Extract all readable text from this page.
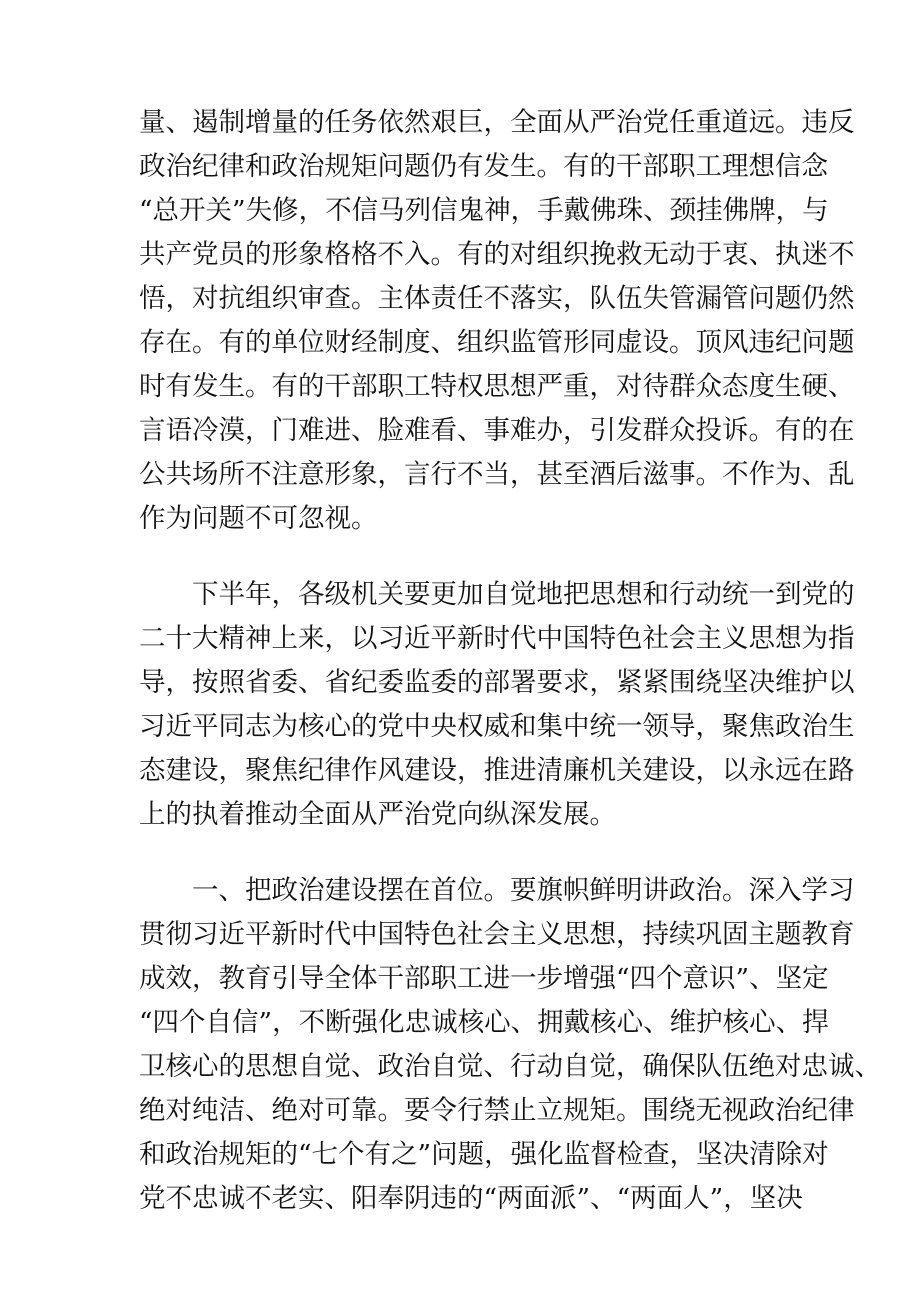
量、遏制增量的任务依然艰巨，全面从严治党任重道远。违反
政治纪律和政治规矩问题仍有发生。有的干部职工理想信念
“总开关”失修，不信马列信鬼神，手戴佛珠、颈挂佛牌，与
共产党员的形象格格不入。有的对组织挽救无动于衷、执迷不
悟，对抗组织审查。主体责任不落实，队伍失管漏管问题仍然
存在。有的单位财经制度、组织监管形同虚设。顶风违纪问题
时有发生。有的干部职工特权思想严重，对待群众态度生硬、
言语冷漠，门难进、脸难看、事难办，引发群众投诉。有的在
公共场所不注意形象，言行不当，甚至酒后滋事。不作为、乱
作为问题不可忽视。
下半年，各级机关要更加自觉地把思想和行动统一到党的
二十大精神上来，以习近平新时代中国特色社会主义思想为指
导，按照省委、省纪委监委的部署要求，紧紧围绕坚决维护以
习近平同志为核心的党中央权威和集中统一领导，聚焦政治生
态建设，聚焦纪律作风建设，推进清廉机关建设，以永远在路
上的执着推动全面从严治党向纵深发展。
一、把政治建设摆在首位。要旗帜鲜明讲政治。深入学习
贯彻习近平新时代中国特色社会主义思想，持续巩固主题教育
成效，教育引导全体干部职工进一步增强“四个意识”、坚定
“四个自信”，不断强化忠诚核心、拥戴核心、维护核心、捍
卫核心的思想自觉、政治自觉、行动自觉，确保队伍绝对忠诚、
绝对纯洁、绝对可靠。要令行禁止立规矩。围绕无视政治纪律
和政治规矩的“七个有之”问题，强化监督检查，坚决清除对
党不忠诚不老实、阳奉阴违的“两面派”、“两面人”，坚决
